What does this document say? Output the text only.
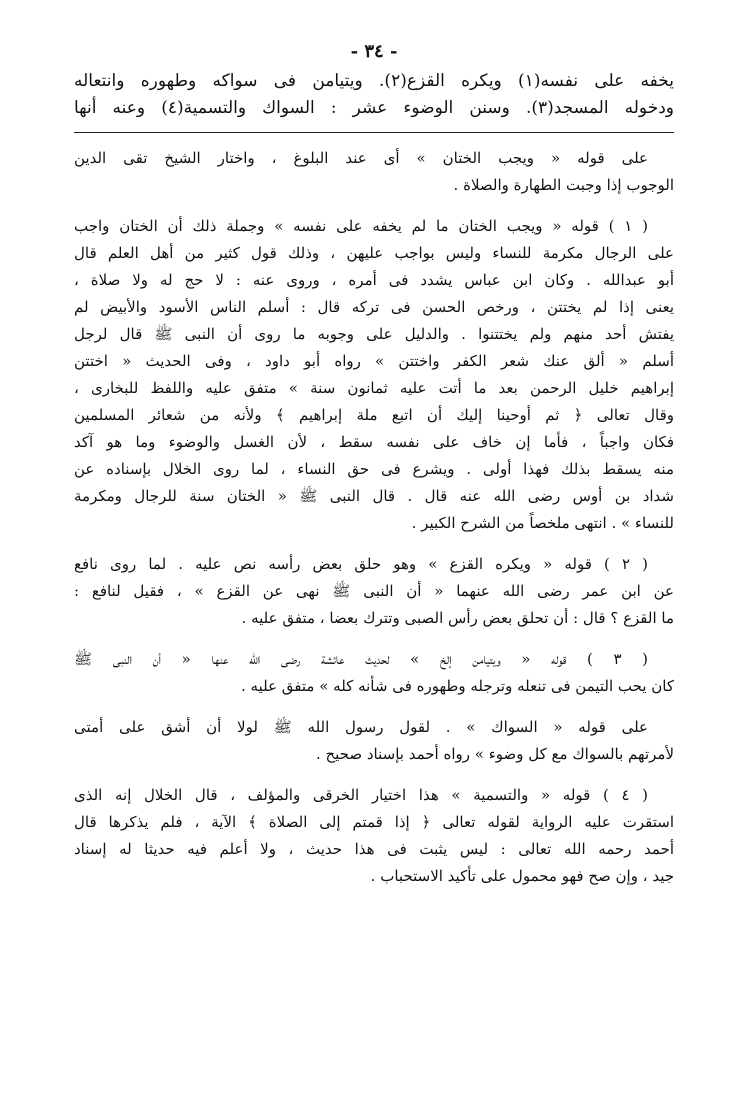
- ٣٤ -
يخفه على نفسه(١) ويكره القزع(٢). ويتيامن فى سواكه وطهوره وانتعاله
ودخوله المسجد(٣). وسنن الوضوء عشر : السواك والتسمية(٤) وعنه أنها
على قوله « ويجب الختان » أى عند البلوغ ، واختار الشيخ تقى الدين
الوجوب إذا وجبت الطهارة والصلاة .
( ١ ) قوله « ويجب الختان ما لم يخفه على نفسه » وجملة ذلك أن الختان واجب
على الرجال مكرمة للنساء وليس بواجب عليهن ، وذلك قول كثير من أهل العلم قال
أبو عبدالله . وكان ابن عباس يشدد فى أمره ، وروى عنه : لا حج له ولا صلاة ،
يعنى إذا لم يختتن ، ورخص الحسن فى تركه قال : أسلم الناس الأسود والأبيض لم
يفتش أحد منهم ولم يختتنوا . والدليل على وجوبه ما روى أن النبى ﷺ قال لرجل
أسلم « ألق عنك شعر الكفر واختتن » رواه أبو داود ، وفى الحديث « اختتن
إبراهيم خليل الرحمن بعد ما أتت عليه ثمانون سنة » متفق عليه واللفظ للبخارى ،
وقال تعالى ﴿ ثم أوحينا إليك أن اتبع ملة إبراهيم ﴾ ولأنه من شعائر المسلمين
فكان واجباً ، فأما إن خاف على نفسه سقط ، لأن الغسل والوضوء وما هو آكد
منه يسقط بذلك فهذا أولى . ويشرع فى حق النساء ، لما روى الخلال بإسناده عن
شداد بن أوس رضى الله عنه قال . قال النبى ﷺ « الختان سنة للرجال ومكرمة
للنساء » . انتهى ملخصاً من الشرح الكبير .
( ٢ ) قوله « ويكره القزع » وهو حلق بعض رأسه نص عليه . لما روى نافع
عن ابن عمر رضى الله عنهما « أن النبى ﷺ نهى عن القزع » ، فقيل لنافع :
ما القزع ؟ قال : أن تحلق بعض رأس الصبى وتترك بعضا ، متفق عليه .
( ٣ ) قوله « ويتيامن إلخ » لحديث عائشة رضى الله عنها « أن النبى ﷺ
كان يحب التيمن فى تنعله وترجله وطهوره فى شأنه كله » متفق عليه .
على قوله « السواك » . لقول رسول الله ﷺ لولا أن أشق على أمتى
لأمرتهم بالسواك مع كل وضوء » رواه أحمد بإسناد صحيح .
( ٤ ) قوله « والتسمية » هذا اختيار الخرقى والمؤلف ، قال الخلال إنه الذى
استقرت عليه الرواية لقوله تعالى ﴿ إذا قمتم إلى الصلاة ﴾ الآية ، فلم يذكرها قال
أحمد رحمه الله تعالى : ليس يثبت فى هذا حديث ، ولا أعلم فيه حديثا له إسناد
جيد ، وإن صح فهو محمول على تأكيد الاستحباب .
